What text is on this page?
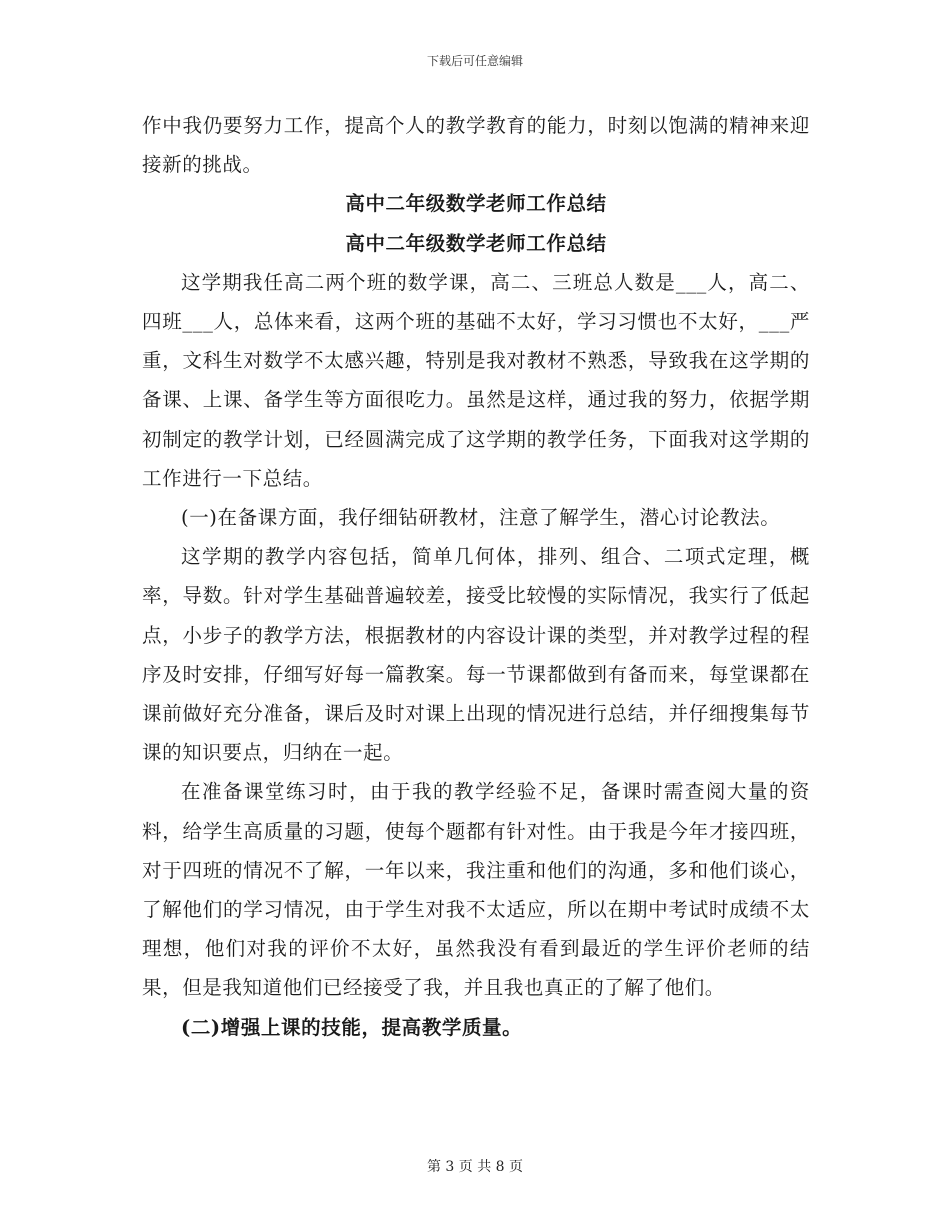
下载后可任意编辑

作中我仍要努力工作，提高个人的教学教育的能力，时刻以饱满的精神来迎接新的挑战。

高中二年级数学老师工作总结

高中二年级数学老师工作总结

这学期我任高二两个班的数学课，高二、三班总人数是___人，高二、四班___人，总体来看，这两个班的基础不太好，学习习惯也不太好，___严重，文科生对数学不太感兴趣，特别是我对教材不熟悉，导致我在这学期的备课、上课、备学生等方面很吃力。虽然是这样，通过我的努力，依据学期初制定的教学计划，已经圆满完成了这学期的教学任务，下面我对这学期的工作进行一下总结。

(一)在备课方面，我仔细钻研教材，注意了解学生，潜心讨论教法。

这学期的教学内容包括，简单几何体，排列、组合、二项式定理，概率，导数。针对学生基础普遍较差，接受比较慢的实际情况，我实行了低起点，小步子的教学方法，根据教材的内容设计课的类型，并对教学过程的程序及时安排，仔细写好每一篇教案。每一节课都做到有备而来，每堂课都在课前做好充分准备，课后及时对课上出现的情况进行总结，并仔细搜集每节课的知识要点，归纳在一起。

在准备课堂练习时，由于我的教学经验不足，备课时需查阅大量的资料，给学生高质量的习题，使每个题都有针对性。由于我是今年才接四班，对于四班的情况不了解，一年以来，我注重和他们的沟通，多和他们谈心，了解他们的学习情况，由于学生对我不太适应，所以在期中考试时成绩不太理想，他们对我的评价不太好，虽然我没有看到最近的学生评价老师的结果，但是我知道他们已经接受了我，并且我也真正的了解了他们。

(二)增强上课的技能，提高教学质量。

第 3 页 共 8 页
